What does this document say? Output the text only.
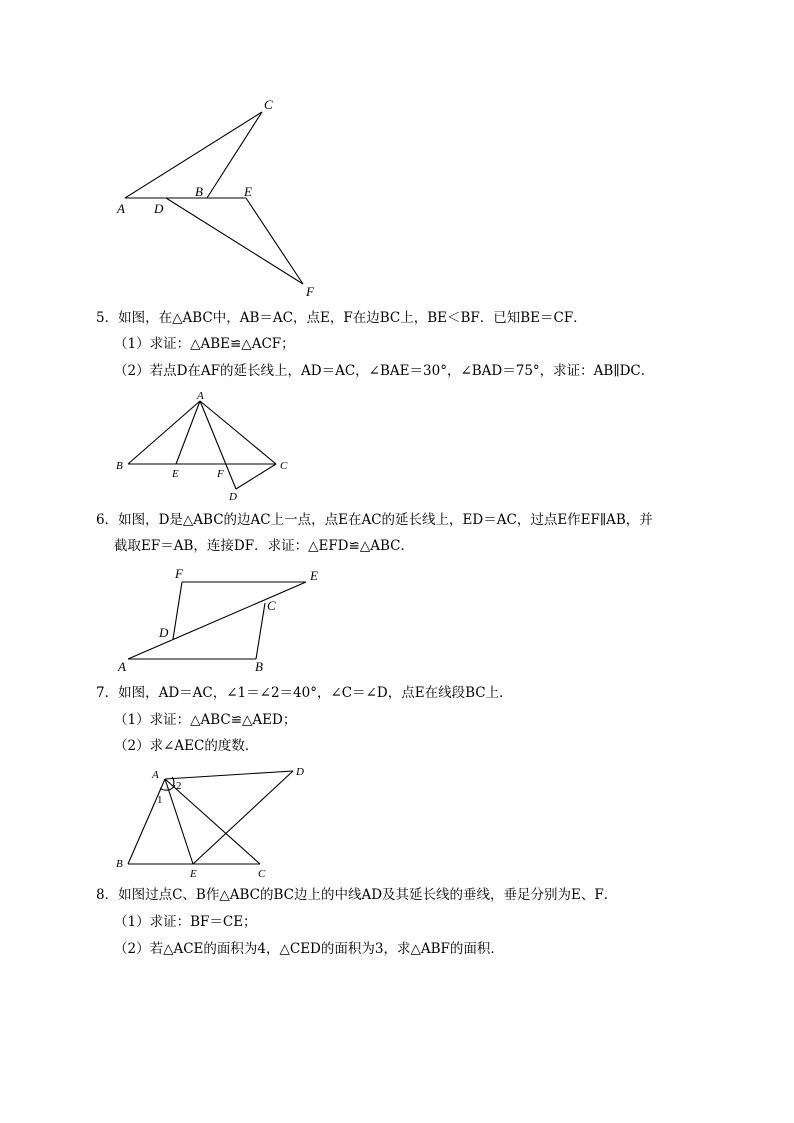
C
B	E
A D
F
5．如图，在△ABC中，AB＝AC，点E，F在边BC上，BE＜BF．已知BE＝CF．
（1）求证：△ABE≌△ACF；
（2）若点D在AF的延长线上，AD＝AC，∠BAE＝30°，∠BAD＝75°，求证：AB∥DC．
A
B
E	F
C
D
6．如图，D是△ABC的边AC上一点，点E在AC的延长线上，ED＝AC，过点E作EF∥AB，并
截取EF＝AB，连接DF．求证：△EFD≌△ABC．
F	E
C
D
A	B
7．如图，AD＝AC，∠1＝∠2＝40°，∠C＝∠D，点E在线段BC上．
（1）求证：△ABC≌△AED；
（2）求∠AEC的度数．
A	D
B
E	C
1
2
8．如图过点C、B作△ABC的BC边上的中线AD及其延长线的垂线，垂足分别为E、F．
（1）求证：BF＝CE；
（2）若△ACE的面积为4，△CED的面积为3，求△ABF的面积．
